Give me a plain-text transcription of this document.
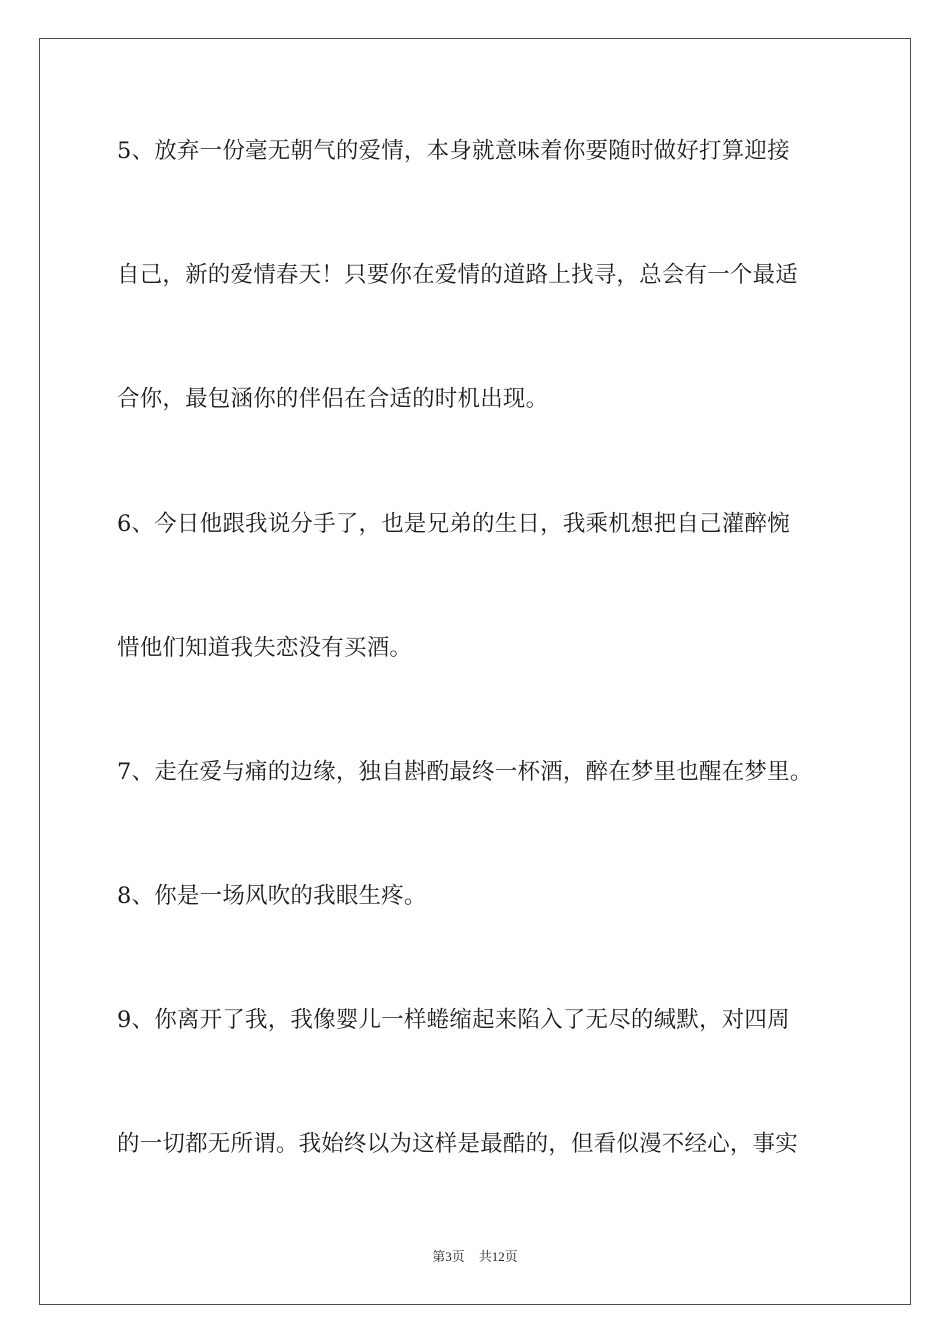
5、放弃一份毫无朝气的爱情，本身就意味着你要随时做好打算迎接
自己，新的爱情春天！只要你在爱情的道路上找寻，总会有一个最适
合你，最包涵你的伴侣在合适的时机出现。
6、今日他跟我说分手了，也是兄弟的生日，我乘机想把自己灌醉惋
惜他们知道我失恋没有买酒。
7、走在爱与痛的边缘，独自斟酌最终一杯酒，醉在梦里也醒在梦里。
8、你是一场风吹的我眼生疼。
9、你离开了我，我像婴儿一样蜷缩起来陷入了无尽的缄默，对四周
的一切都无所谓。我始终以为这样是最酷的，但看似漫不经心，事实
第3页 共12页
